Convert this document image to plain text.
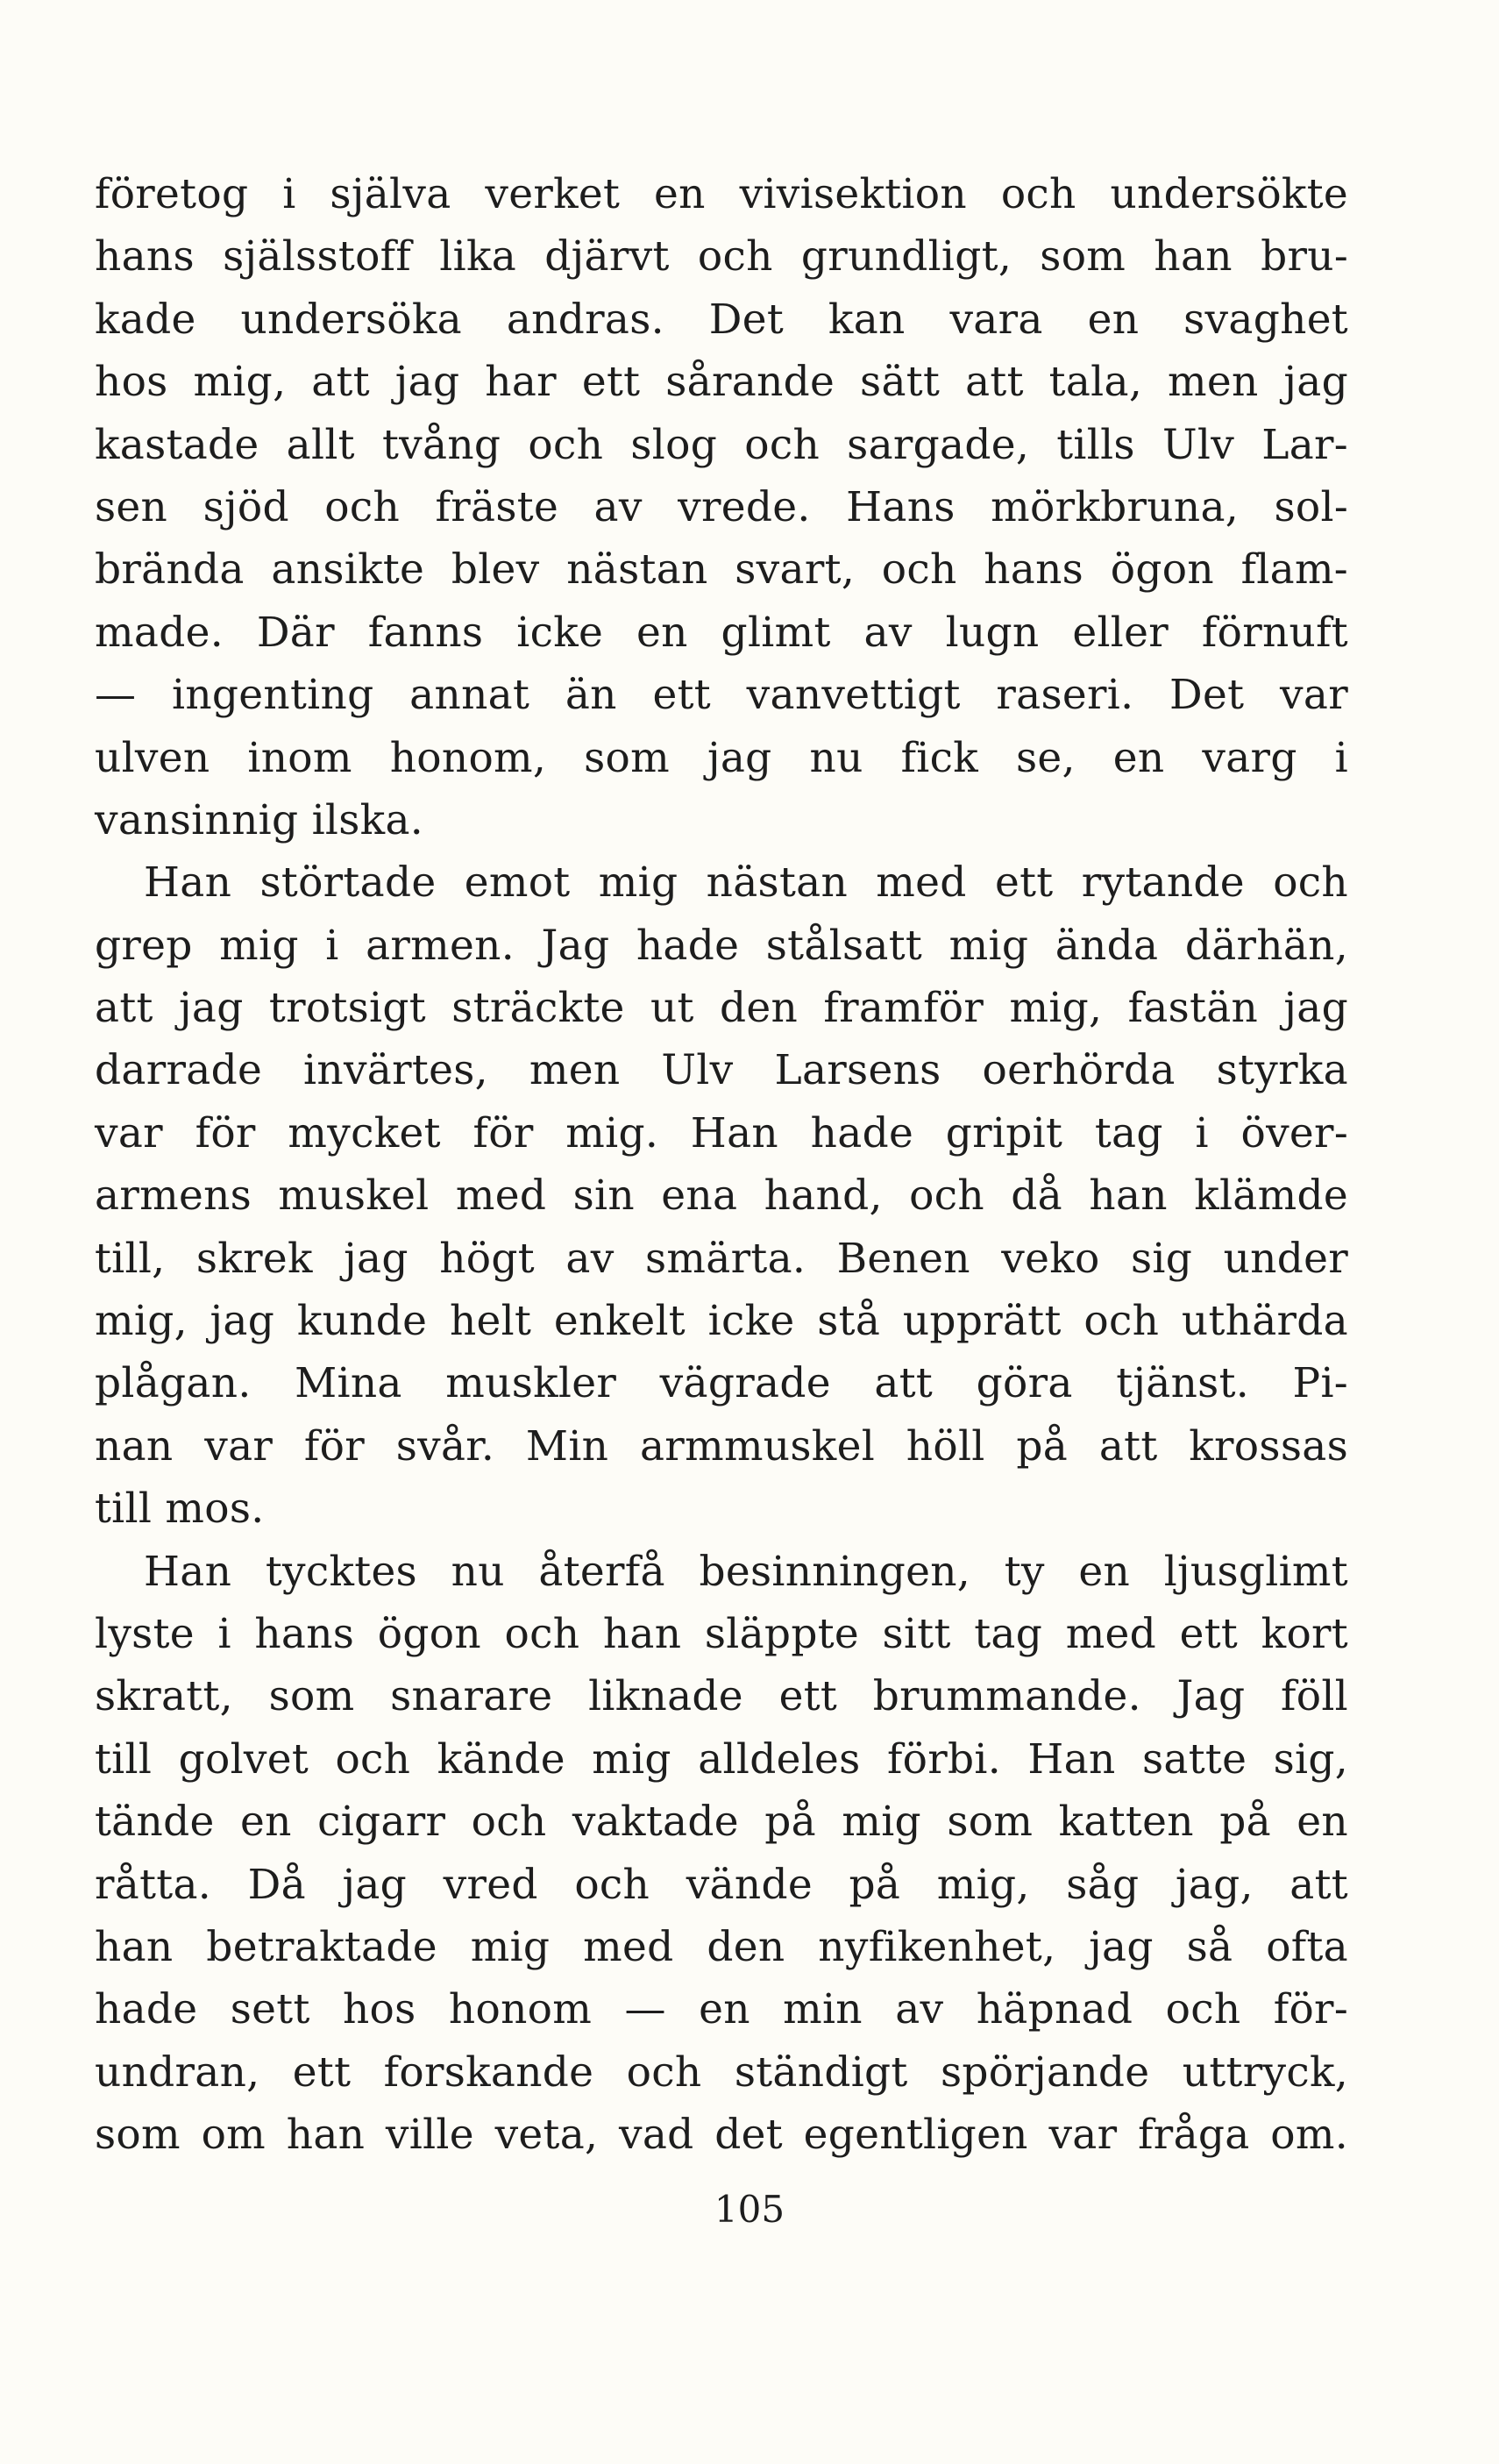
företog i själva verket en vivisektion och undersökte
hans själsstoff lika djärvt och grundligt, som han bru-
kade undersöka andras. Det kan vara en svaghet
hos mig, att jag har ett sårande sätt att tala, men jag
kastade allt tvång och slog och sargade, tills Ulv Lar-
sen sjöd och fräste av vrede. Hans mörkbruna, sol-
brända ansikte blev nästan svart, och hans ögon flam-
made. Där fanns icke en glimt av lugn eller förnuft
— ingenting annat än ett vanvettigt raseri. Det var
ulven inom honom, som jag nu fick se, en varg i
vansinnig ilska.
Han störtade emot mig nästan med ett rytande och
grep mig i armen. Jag hade stålsatt mig ända därhän,
att jag trotsigt sträckte ut den framför mig, fastän jag
darrade invärtes, men Ulv Larsens oerhörda styrka
var för mycket för mig. Han hade gripit tag i över-
armens muskel med sin ena hand, och då han klämde
till, skrek jag högt av smärta. Benen veko sig under
mig, jag kunde helt enkelt icke stå upprätt och uthärda
plågan. Mina muskler vägrade att göra tjänst. Pi-
nan var för svår. Min armmuskel höll på att krossas
till mos.
Han tycktes nu återfå besinningen, ty en ljusglimt
lyste i hans ögon och han släppte sitt tag med ett kort
skratt, som snarare liknade ett brummande. Jag föll
till golvet och kände mig alldeles förbi. Han satte sig,
tände en cigarr och vaktade på mig som katten på en
råtta. Då jag vred och vände på mig, såg jag, att
han betraktade mig med den nyfikenhet, jag så ofta
hade sett hos honom — en min av häpnad och för-
undran, ett forskande och ständigt spörjande uttryck,
som om han ville veta, vad det egentligen var fråga om.
105
